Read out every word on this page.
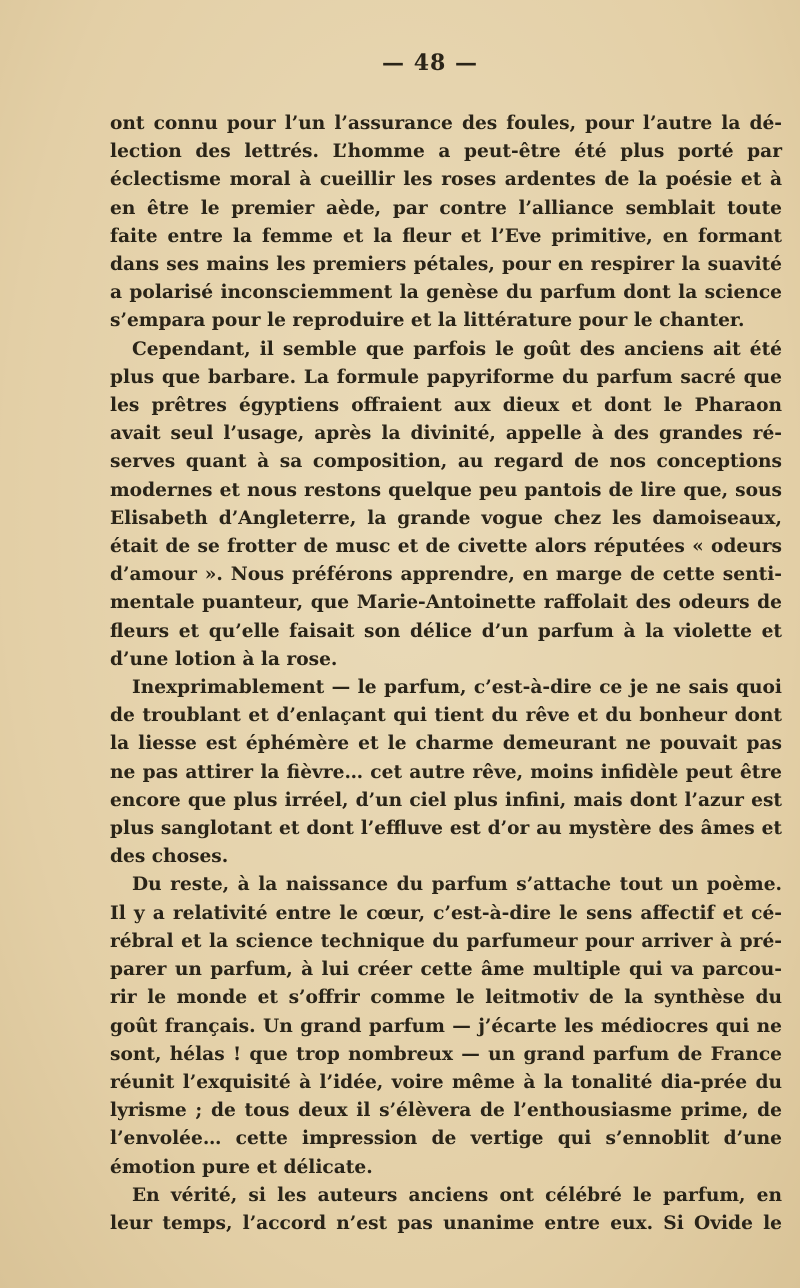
— 48 —

ont connu pour l’un l’assurance des foules, pour l’autre la dé-lection des lettrés. L’homme a peut-être été plus porté par éclectisme moral à cueillir les roses ardentes de la poésie et à en être le premier aède, par contre l’alliance semblait toute faite entre la femme et la fleur et l’Eve primitive, en formant dans ses mains les premiers pétales, pour en respirer la suavité a polarisé inconsciemment la genèse du parfum dont la science s’empara pour le reproduire et la littérature pour le chanter.

Cependant, il semble que parfois le goût des anciens ait été plus que barbare. La formule papyriforme du parfum sacré que les prêtres égyptiens offraient aux dieux et dont le Pharaon avait seul l’usage, après la divinité, appelle à des grandes ré-serves quant à sa composition, au regard de nos conceptions modernes et nous restons quelque peu pantois de lire que, sous Elisabeth d’Angleterre, la grande vogue chez les damoiseaux, était de se frotter de musc et de civette alors réputées « odeurs d’amour ». Nous préférons apprendre, en marge de cette senti-mentale puanteur, que Marie-Antoinette raffolait des odeurs de fleurs et qu’elle faisait son délice d’un parfum à la violette et d’une lotion à la rose.

Inexprimablement — le parfum, c’est-à-dire ce je ne sais quoi de troublant et d’enlaçant qui tient du rêve et du bonheur dont la liesse est éphémère et le charme demeurant ne pouvait pas ne pas attirer la fièvre… cet autre rêve, moins infidèle peut être encore que plus irréel, d’un ciel plus infini, mais dont l’azur est plus sanglotant et dont l’effluve est d’or au mystère des âmes et des choses.

Du reste, à la naissance du parfum s’attache tout un poème. Il y a relativité entre le cœur, c’est-à-dire le sens affectif et cé-rébral et la science technique du parfumeur pour arriver à pré-parer un parfum, à lui créer cette âme multiple qui va parcou-rir le monde et s’offrir comme le leitmotiv de la synthèse du goût français. Un grand parfum — j’écarte les médiocres qui ne sont, hélas ! que trop nombreux — un grand parfum de France réunit l’exquisité à l’idée, voire même à la tonalité dia-prée du lyrisme ; de tous deux il s’élèvera de l’enthousiasme prime, de l’envolée… cette impression de vertige qui s’ennoblit d’une émotion pure et délicate.

En vérité, si les auteurs anciens ont célébré le parfum, en leur temps, l’accord n’est pas unanime entre eux. Si Ovide le
